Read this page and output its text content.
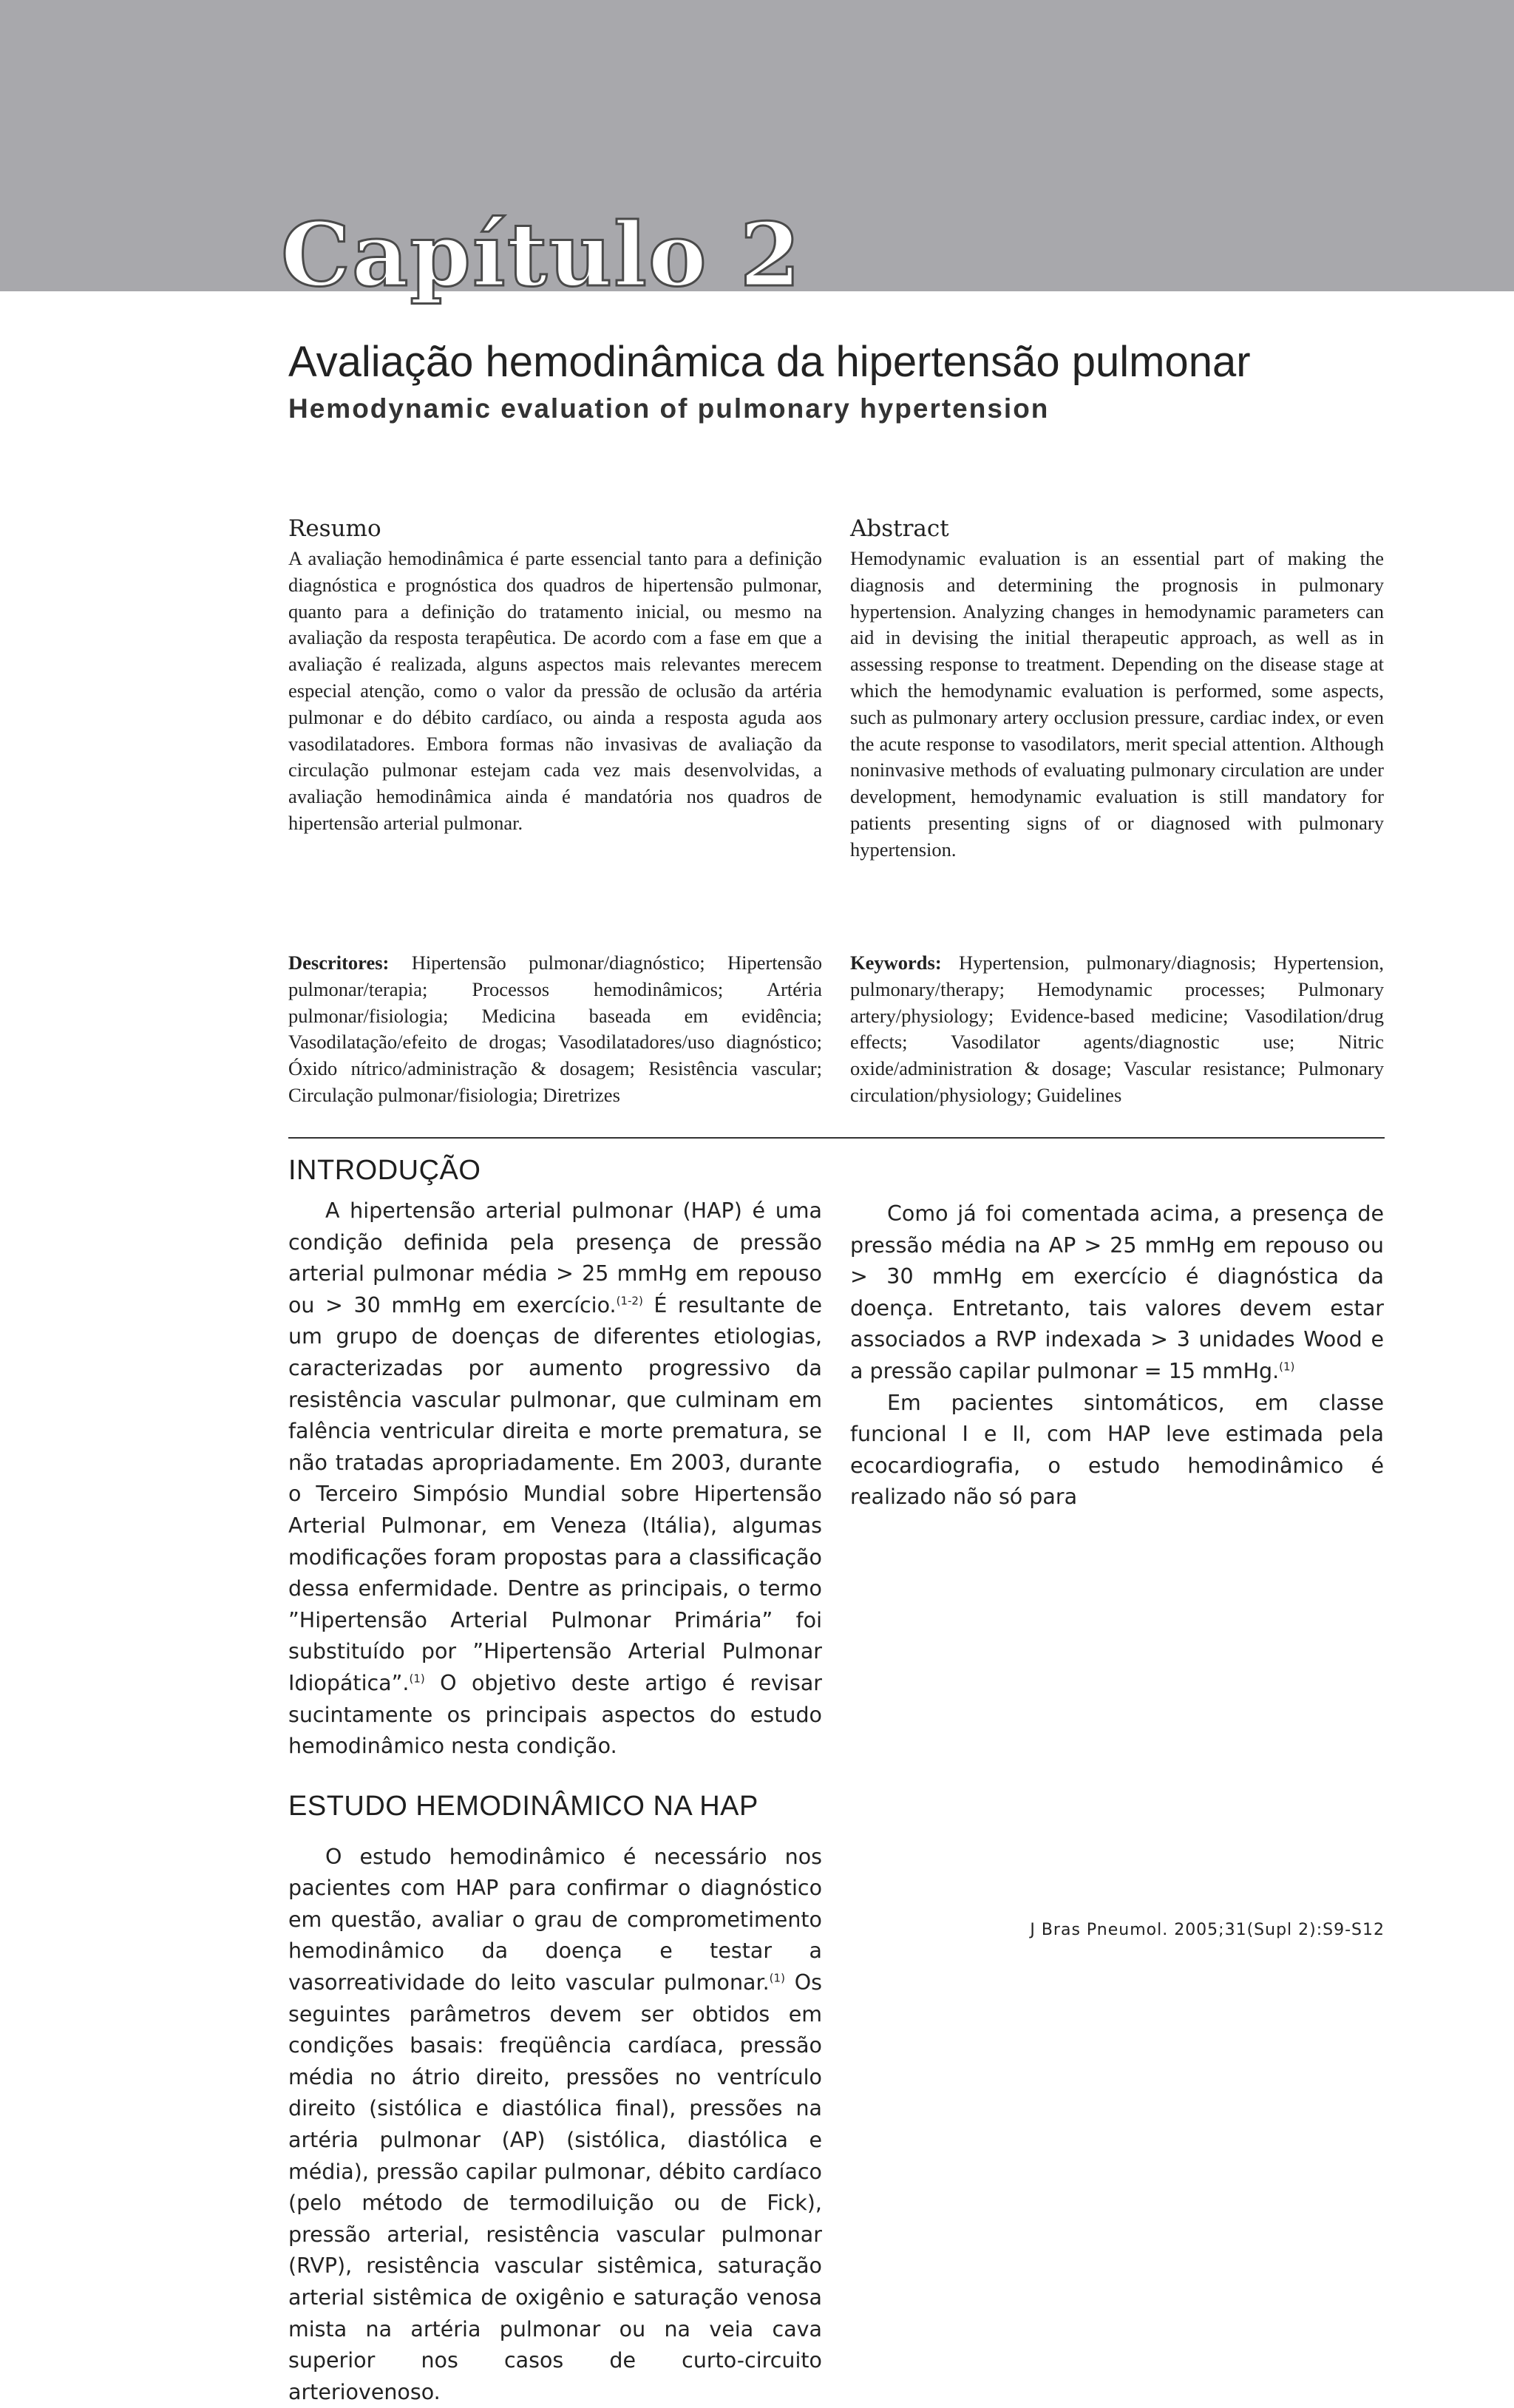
Capítulo 2
Avaliação hemodinâmica da hipertensão pulmonar
Hemodynamic evaluation of pulmonary hypertension
Resumo

A avaliação hemodinâmica é parte essencial tanto para a definição diagnóstica e prognóstica dos quadros de hipertensão pulmonar, quanto para a definição do tratamento inicial, ou mesmo na avaliação da resposta terapêutica. De acordo com a fase em que a avaliação é realizada, alguns aspectos mais relevantes merecem especial atenção, como o valor da pressão de oclusão da artéria pulmonar e do débito cardíaco, ou ainda a resposta aguda aos vasodilatadores. Embora formas não invasivas de avaliação da circulação pulmonar estejam cada vez mais desenvolvidas, a avaliação hemodinâmica ainda é mandatória nos quadros de hipertensão arterial pulmonar.

Abstract

Hemodynamic evaluation is an essential part of making the diagnosis and determining the prognosis in pulmonary hypertension. Analyzing changes in hemodynamic parameters can aid in devising the initial therapeutic approach, as well as in assessing response to treatment. Depending on the disease stage at which the hemodynamic evaluation is performed, some aspects, such as pulmonary artery occlusion pressure, cardiac index, or even the acute response to vasodilators, merit special attention. Although noninvasive methods of evaluating pulmonary circulation are under development, hemodynamic evaluation is still mandatory for patients presenting signs of or diagnosed with pulmonary hypertension.

Descritores: Hipertensão pulmonar/diagnóstico; Hipertensão pulmonar/terapia; Processos hemodinâmicos; Artéria pulmonar/fisiologia; Medicina baseada em evidência; Vasodilatação/efeito de drogas; Vasodilatadores/uso diagnóstico; Óxido nítrico/administração & dosagem; Resistência vascular; Circulação pulmonar/fisiologia; Diretrizes

Keywords: Hypertension, pulmonary/diagnosis; Hypertension, pulmonary/therapy; Hemodynamic processes; Pulmonary artery/physiology; Evidence-based medicine; Vasodilation/drug effects; Vasodilator agents/diagnostic use; Nitric oxide/administration & dosage; Vascular resistance; Pulmonary circulation/physiology; Guidelines

INTRODUÇÃO

A hipertensão arterial pulmonar (HAP) é uma condição definida pela presença de pressão arterial pulmonar média > 25 mmHg em repouso ou > 30 mmHg em exercício.$^{(1-2)}$ É resultante de um grupo de doenças de diferentes etiologias, caracterizadas por aumento progressivo da resistência vascular pulmonar, que culminam em falência ventricular direita e morte prematura, se não tratadas apropriadamente. Em 2003, durante o Terceiro Simpósio Mundial sobre Hipertensão Arterial Pulmonar, em Veneza (Itália), algumas modificações foram propostas para a classificação dessa enfermidade. Dentre as principais, o termo ”Hipertensão Arterial Pulmonar Primária” foi substituído por ”Hipertensão Arterial Pulmonar Idiopática”.$^{(1)}$ O objetivo deste artigo é revisar sucintamente os principais aspectos do estudo hemodinâmico nesta condição.

ESTUDO HEMODINÂMICO NA HAP

O estudo hemodinâmico é necessário nos pacientes com HAP para confirmar o diagnóstico em questão, avaliar o grau de comprometimento hemodinâmico da doença e testar a vasorreatividade do leito vascular pulmonar.$^{(1)}$ Os seguintes parâmetros devem ser obtidos em condições basais: freqüência cardíaca, pressão média no átrio direito, pressões no ventrículo direito (sistólica e diastólica final), pressões na artéria pulmonar (AP) (sistólica, diastólica e média), pressão capilar pulmonar, débito cardíaco (pelo método de termodiluição ou de Fick), pressão arterial, resistência vascular pulmonar (RVP), resistência vascular sistêmica, saturação arterial sistêmica de oxigênio e saturação venosa mista na artéria pulmonar ou na veia cava superior nos casos de curto-circuito arteriovenoso.

Como já foi comentada acima, a presença de pressão média na AP > 25 mmHg em repouso ou > 30 mmHg em exercício é diagnóstica da doença. Entretanto, tais valores devem estar associados a RVP indexada > 3 unidades Wood e a pressão capilar pulmonar = 15 mmHg.$^{(1)}$

Em pacientes sintomáticos, em classe funcional I e II, com HAP leve estimada pela ecocardiografia, o estudo hemodinâmico é realizado não só para

J Bras Pneumol. 2005;31(Supl 2):S9-S12
